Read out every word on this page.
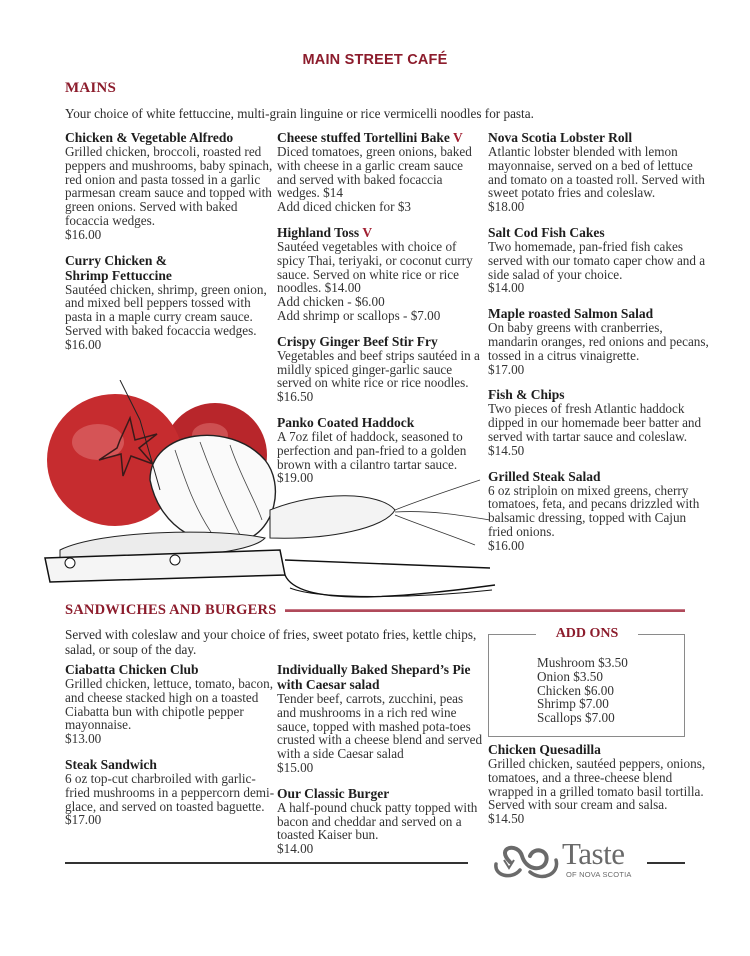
MAIN STREET CAFÉ
MAINS
Your choice of white fettuccine, multi-grain linguine or rice vermicelli noodles for pasta.
Chicken & Vegetable Alfredo
Grilled chicken, broccoli, roasted red peppers and mushrooms, baby spinach, red onion and pasta tossed in a garlic parmesan cream sauce and topped with green onions. Served with baked focaccia wedges.
$16.00
Curry Chicken & Shrimp Fettuccine
Sautéed chicken, shrimp, green onion, and mixed bell peppers tossed with pasta in a maple curry cream sauce. Served with baked focaccia wedges.
$16.00
Cheese stuffed Tortellini Bake V
Diced tomatoes, green onions, baked with cheese in a garlic cream sauce and served with baked focaccia wedges. $14
Add diced chicken for $3
Highland Toss V
Sautéed vegetables with choice of spicy Thai, teriyaki, or coconut curry sauce. Served on white rice or rice noodles. $14.00
Add chicken - $6.00
Add shrimp or scallops - $7.00
Crispy Ginger Beef Stir Fry
Vegetables and beef strips sautéed in a mildly spiced ginger-garlic sauce served on white rice or rice noodles.
$16.50
Panko Coated Haddock
A 7oz filet of haddock, seasoned to perfection and pan-fried to a golden brown with a cilantro tartar sauce.
$19.00
Nova Scotia Lobster Roll
Atlantic lobster blended with lemon mayonnaise, served on a bed of lettuce and tomato on a toasted roll. Served with sweet potato fries and coleslaw.
$18.00
Salt Cod Fish Cakes
Two homemade, pan-fried fish cakes served with our tomato caper chow and a side salad of your choice.
$14.00
Maple roasted Salmon Salad
On baby greens with cranberries, mandarin oranges, red onions and pecans, tossed in a citrus vinaigrette.
$17.00
Fish & Chips
Two pieces of fresh Atlantic haddock dipped in our homemade beer batter and served with tartar sauce and coleslaw.
$14.50
Grilled Steak Salad
6 oz striploin on mixed greens, cherry tomatoes, feta, and pecans drizzled with balsamic dressing, topped with Cajun fried onions.
$16.00
SANDWICHES AND BURGERS
Served with coleslaw and your choice of fries, sweet potato fries, kettle chips, salad, or soup of the day.
Ciabatta Chicken Club
Grilled chicken, lettuce, tomato, bacon, and cheese stacked high on a toasted Ciabatta bun with chipotle pepper mayonnaise.
$13.00
Steak Sandwich
6 oz top-cut charbroiled with garlic-fried mushrooms in a peppercorn demi-glace, and served on toasted baguette.
$17.00
Individually Baked Shepard’s Pie with Caesar salad
Tender beef, carrots, zucchini, peas and mushrooms in a rich red wine sauce, topped with mashed pota-toes crusted with a cheese blend and served with a side Caesar salad
$15.00
Our Classic Burger
A half-pound chuck patty topped with bacon and cheddar and served on a toasted Kaiser bun.
$14.00
ADD ONS
Mushroom $3.50
Onion $3.50
Chicken $6.00
Shrimp $7.00
Scallops $7.00
Chicken Quesadilla
Grilled chicken, sautéed peppers, onions, tomatoes, and a three-cheese blend wrapped in a grilled tomato basil tortilla. Served with sour cream and salsa.
$14.50
Taste
OF NOVA SCOTIA
